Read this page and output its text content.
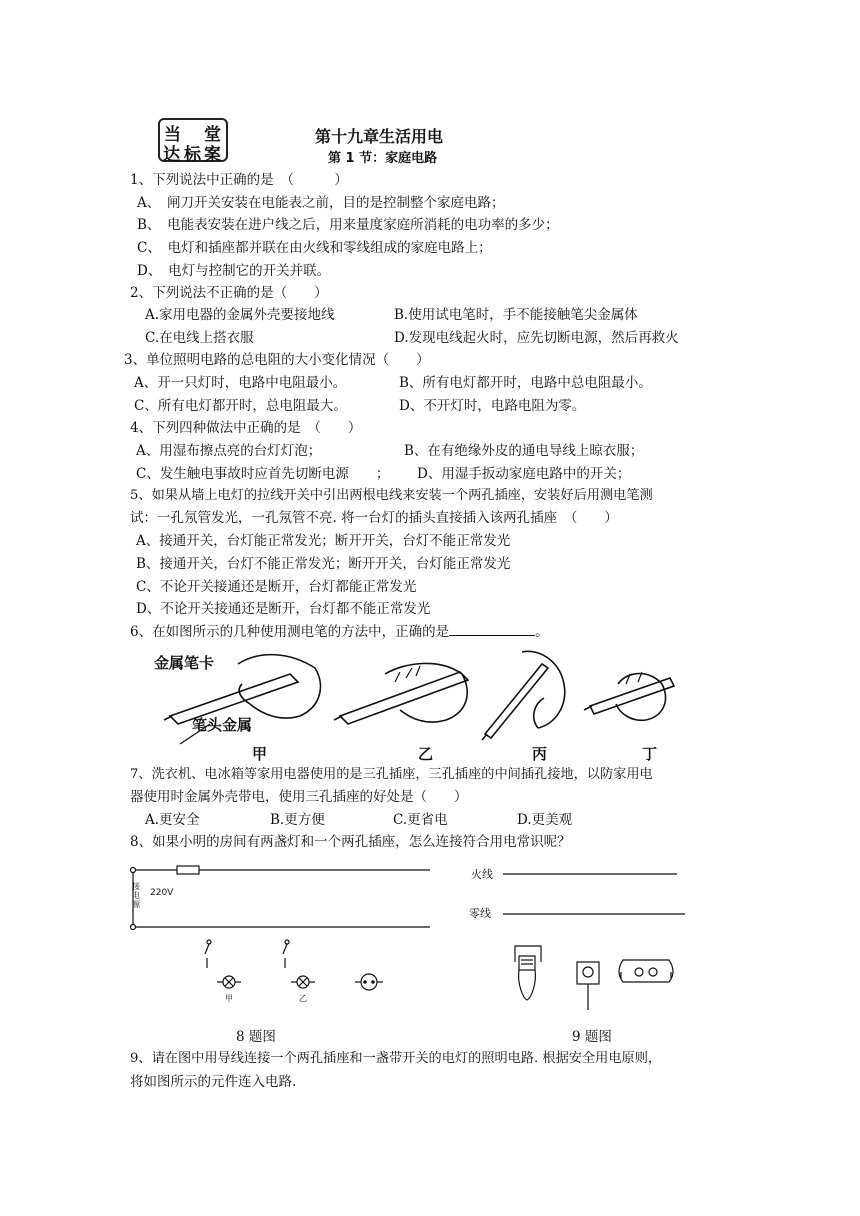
当 堂
达 标 案
第十九章生活用电
第 1 节：家庭电路
1、下列说法中正确的是　（　　　）
A、　闸刀开关安装在电能表之前，目的是控制整个家庭电路；
B、　电能表安装在进户线之后，用来量度家庭所消耗的电功率的多少；
C、　电灯和插座都并联在由火线和零线组成的家庭电路上；
D、　电灯与控制它的开关并联。
2、下列说法不正确的是（　　）
A.家用电器的金属外壳要接地线	B.使用试电笔时，手不能接触笔尖金属体
C.在电线上搭衣服	D.发现电线起火时，应先切断电源，然后再救火
3、单位照明电路的总电阻的大小变化情况（　　）
A、开一只灯时，电路中电阻最小。	B、所有电灯都开时，电路中总电阻最小。
C、所有电灯都开时，总电阻最大。	D、不开灯时，电路电阻为零。
4、下列四种做法中正确的是　（　　）
A、用湿布擦点亮的台灯灯泡；	B、在有绝缘外皮的通电导线上晾衣服；
C、发生触电事故时应首先切断电源　　； D、用湿手扳动家庭电路中的开关；
5、如果从墙上电灯的拉线开关中引出两根电线来安装一个两孔插座，安装好后用测电笔测
试：一孔氖管发光，一孔氖管不亮. 将一台灯的插头直接插入该两孔插座　（　　）
A、接通开关，台灯能正常发光；断开开关，台灯不能正常发光
B、接通开关，台灯不能正常发光；断开开关，台灯能正常发光
C、不论开关接通还是断开，台灯都能正常发光
D、不论开关接通还是断开，台灯都不能正常发光
6、在如图所示的几种使用测电笔的方法中，正确的是	。
金属笔卡
笔头金属
甲	乙	丙	丁
7、洗衣机、电冰箱等家用电器使用的是三孔插座，三孔插座的中间插孔接地，以防家用电
器使用时金属外壳带电，使用三孔插座的好处是（　　）
A.更安全	B.更方便	C.更省电	D.更美观
8、如果小明的房间有两盏灯和一个两孔插座，怎么连接符合用电常识呢？
接
电
源
220V
甲	乙
8 题图
火线
零线
9 题图
9、请在图中用导线连接一个两孔插座和一盏带开关的电灯的照明电路. 根据安全用电原则，
将如图所示的元件连入电路.
